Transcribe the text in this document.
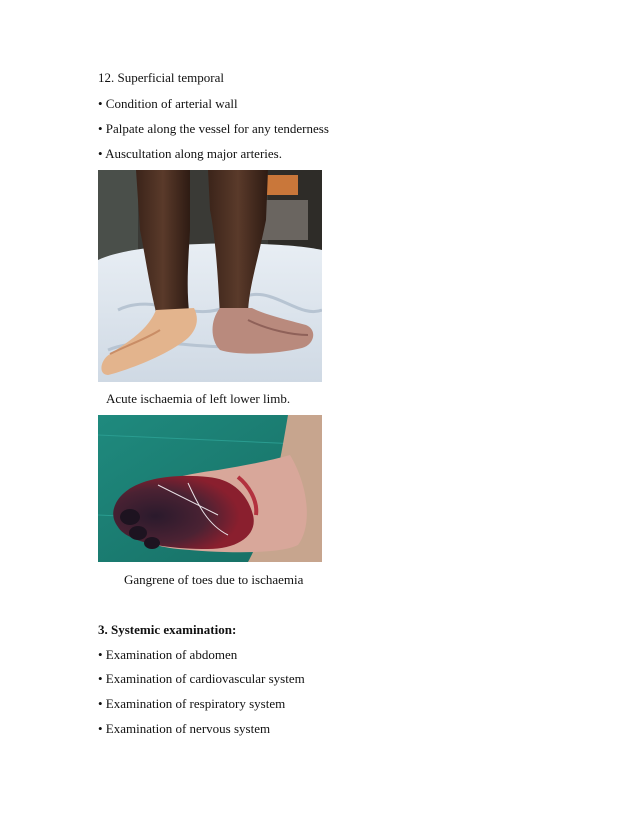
12. Superficial temporal
• Condition of arterial wall
• Palpate along the vessel for any tenderness
• Auscultation along major arteries.
Acute ischaemia of left lower limb.
Gangrene of toes due to ischaemia
3. Systemic examination:
• Examination of abdomen
• Examination of cardiovascular system
• Examination of respiratory system
• Examination of nervous system
